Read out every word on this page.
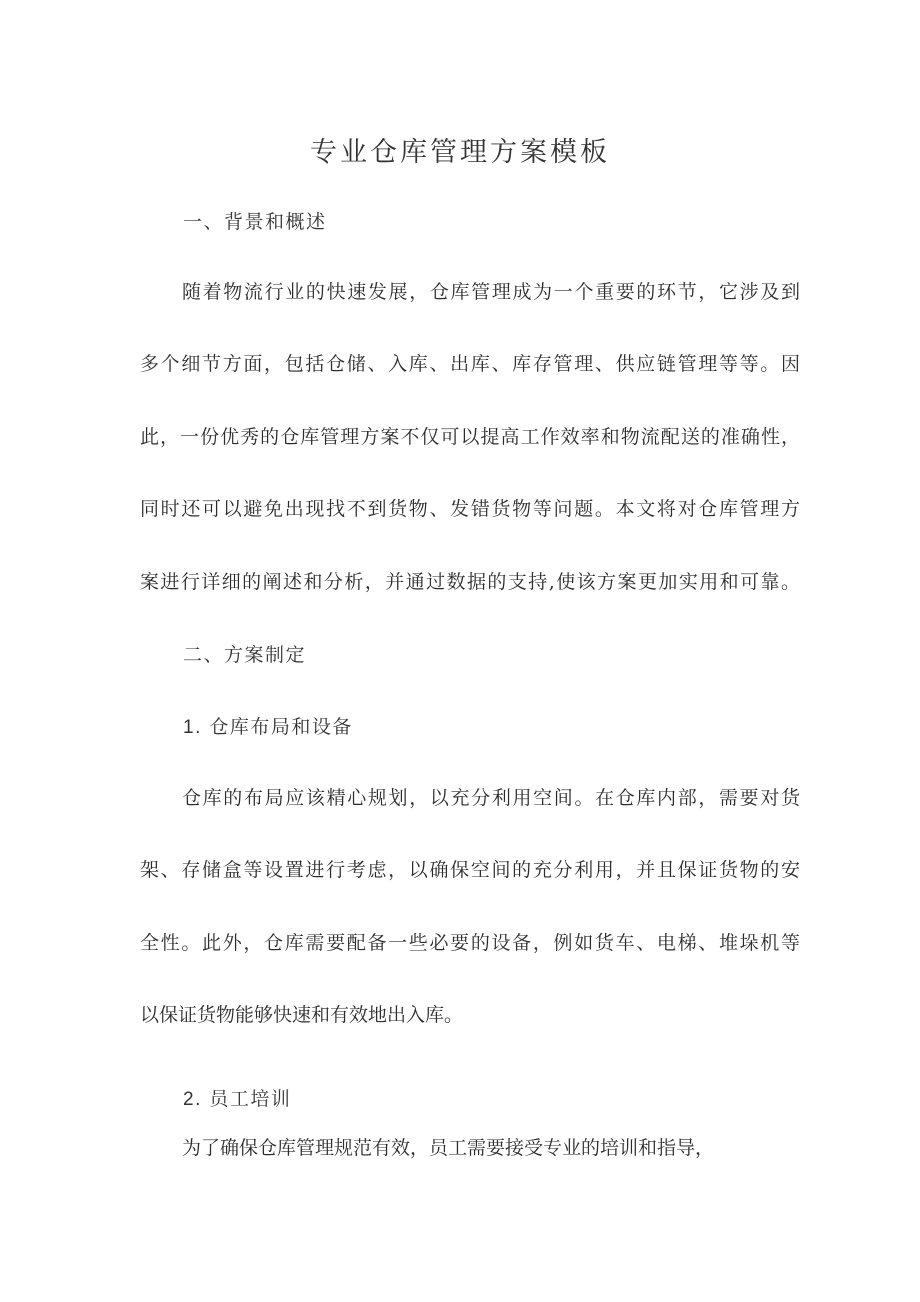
专业仓库管理方案模板
一、背景和概述
随着物流行业的快速发展，仓库管理成为一个重要的环节，它涉及到
多个细节方面，包括仓储、入库、出库、库存管理、供应链管理等等。因
此，一份优秀的仓库管理方案不仅可以提高工作效率和物流配送的准确性，
同时还可以避免出现找不到货物、发错货物等问题。本文将对仓库管理方
案进行详细的阐述和分析，并通过数据的支持,使该方案更加实用和可靠。
二、方案制定
1. 仓库布局和设备
仓库的布局应该精心规划，以充分利用空间。在仓库内部，需要对货
架、存储盒等设置进行考虑，以确保空间的充分利用，并且保证货物的安
全性。此外，仓库需要配备一些必要的设备，例如货车、电梯、堆垛机等
以保证货物能够快速和有效地出入库。
2. 员工培训
为了确保仓库管理规范有效，员工需要接受专业的培训和指导，
